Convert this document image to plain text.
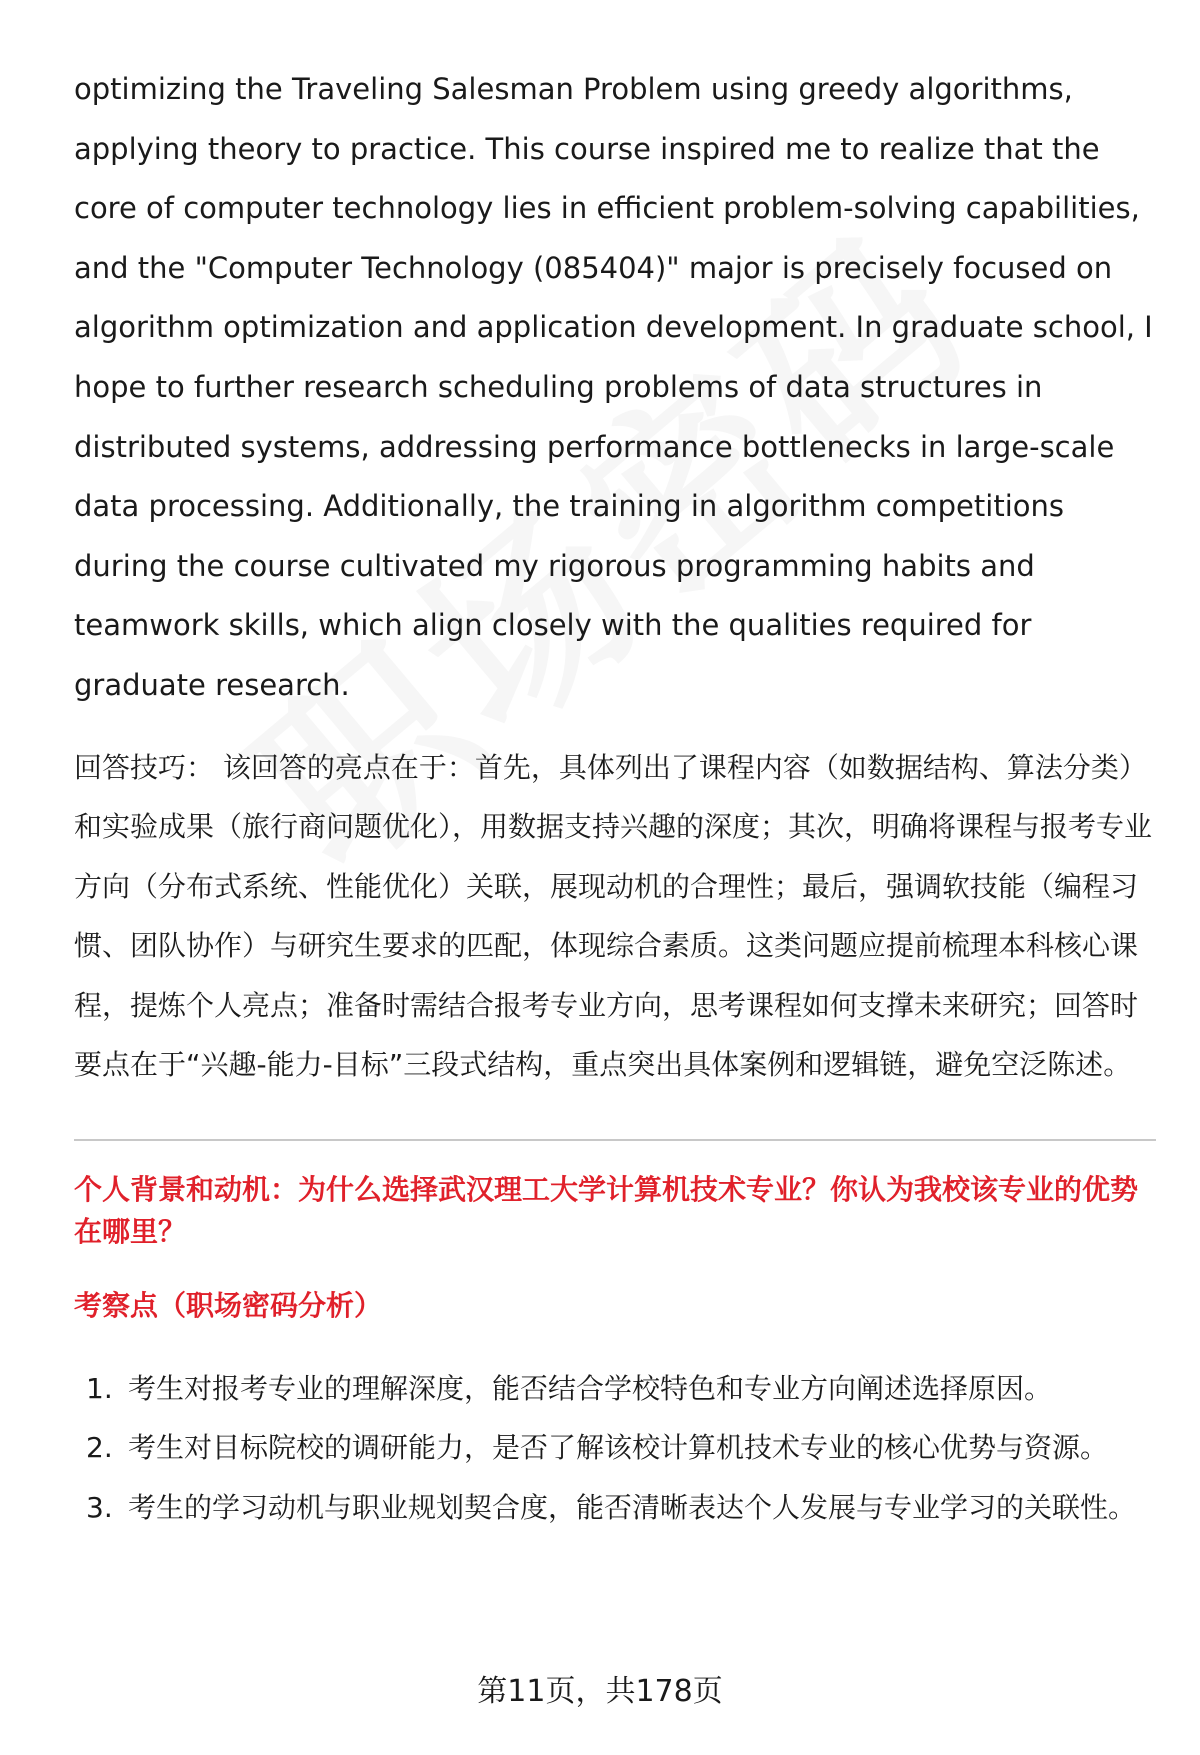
optimizing the Traveling Salesman Problem using greedy algorithms, applying theory to practice. This course inspired me to realize that the core of computer technology lies in efficient problem-solving capabilities, and the "Computer Technology (085404)" major is precisely focused on algorithm optimization and application development. In graduate school, I hope to further research scheduling problems of data structures in distributed systems, addressing performance bottlenecks in large-scale data processing. Additionally, the training in algorithm competitions during the course cultivated my rigorous programming habits and teamwork skills, which align closely with the qualities required for graduate research.

回答技巧： 该回答的亮点在于：首先，具体列出了课程内容（如数据结构、算法分类）和实验成果（旅行商问题优化），用数据支持兴趣的深度；其次，明确将课程与报考专业方向（分布式系统、性能优化）关联，展现动机的合理性；最后，强调软技能（编程习惯、团队协作）与研究生要求的匹配，体现综合素质。这类问题应提前梳理本科核心课程，提炼个人亮点；准备时需结合报考专业方向，思考课程如何支撑未来研究；回答时要点在于“兴趣-能力-目标”三段式结构，重点突出具体案例和逻辑链，避免空泛陈述。

个人背景和动机：为什么选择武汉理工大学计算机技术专业？你认为我校该专业的优势在哪里？
考察点（职场密码分析）
1. 考生对报考专业的理解深度，能否结合学校特色和专业方向阐述选择原因。
2. 考生对目标院校的调研能力，是否了解该校计算机技术专业的核心优势与资源。
3. 考生的学习动机与职业规划契合度，能否清晰表达个人发展与专业学习的关联性。
第11页，共178页
